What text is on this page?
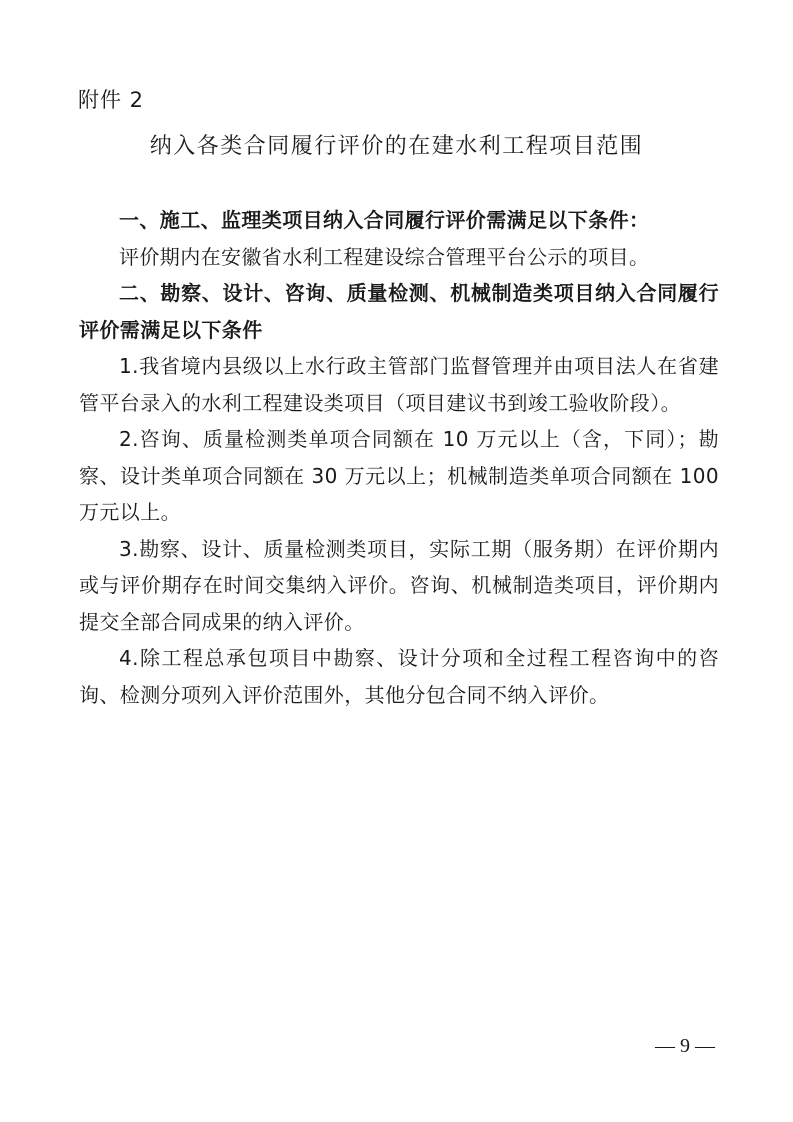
附件 2
纳入各类合同履行评价的在建水利工程项目范围

一、施工、监理类项目纳入合同履行评价需满足以下条件：

评价期内在安徽省水利工程建设综合管理平台公示的项目。

二、勘察、设计、咨询、质量检测、机械制造类项目纳入合同履行评价需满足以下条件

1.我省境内县级以上水行政主管部门监督管理并由项目法人在省建管平台录入的水利工程建设类项目（项目建议书到竣工验收阶段）。

2.咨询、质量检测类单项合同额在 10 万元以上（含，下同）；勘察、设计类单项合同额在 30 万元以上；机械制造类单项合同额在 100 万元以上。

3.勘察、设计、质量检测类项目，实际工期（服务期）在评价期内或与评价期存在时间交集纳入评价。咨询、机械制造类项目，评价期内提交全部合同成果的纳入评价。

4.除工程总承包项目中勘察、设计分项和全过程工程咨询中的咨询、检测分项列入评价范围外，其他分包合同不纳入评价。

— 9 —
